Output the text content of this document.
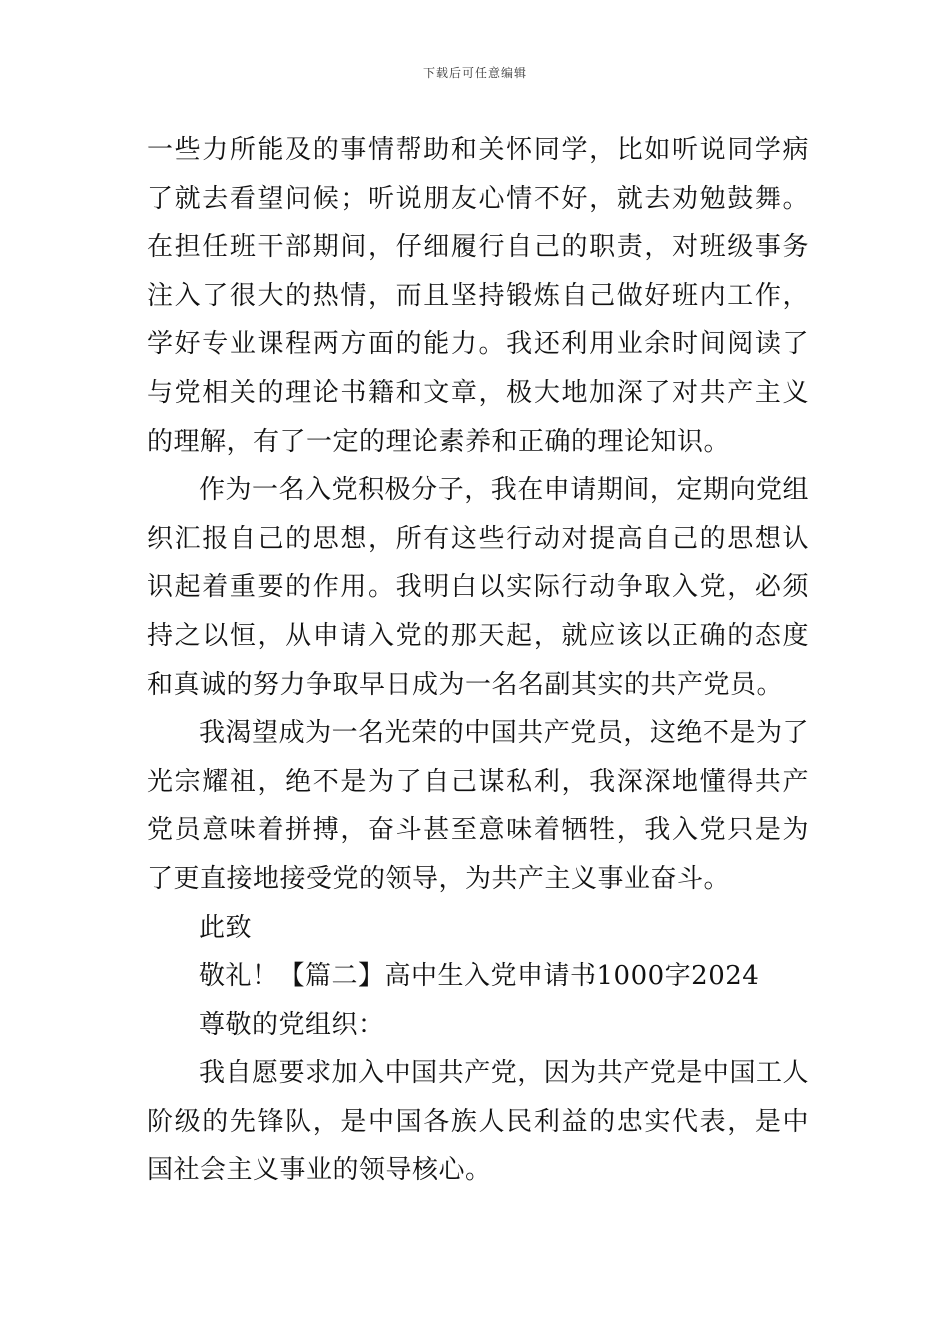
下载后可任意编辑

一些力所能及的事情帮助和关怀同学，比如听说同学病了就去看望问候；听说朋友心情不好，就去劝勉鼓舞。在担任班干部期间，仔细履行自己的职责，对班级事务注入了很大的热情，而且坚持锻炼自己做好班内工作，学好专业课程两方面的能力。我还利用业余时间阅读了与党相关的理论书籍和文章，极大地加深了对共产主义的理解，有了一定的理论素养和正确的理论知识。

作为一名入党积极分子，我在申请期间，定期向党组织汇报自己的思想，所有这些行动对提高自己的思想认识起着重要的作用。我明白以实际行动争取入党，必须持之以恒，从申请入党的那天起，就应该以正确的态度和真诚的努力争取早日成为一名名副其实的共产党员。

我渴望成为一名光荣的中国共产党员，这绝不是为了光宗耀祖，绝不是为了自己谋私利，我深深地懂得共产党员意味着拼搏，奋斗甚至意味着牺牲，我入党只是为了更直接地接受党的领导，为共产主义事业奋斗。

此致

敬礼！【篇二】高中生入党申请书1000字2024

尊敬的党组织：

我自愿要求加入中国共产党，因为共产党是中国工人阶级的先锋队，是中国各族人民利益的忠实代表，是中国社会主义事业的领导核心。
